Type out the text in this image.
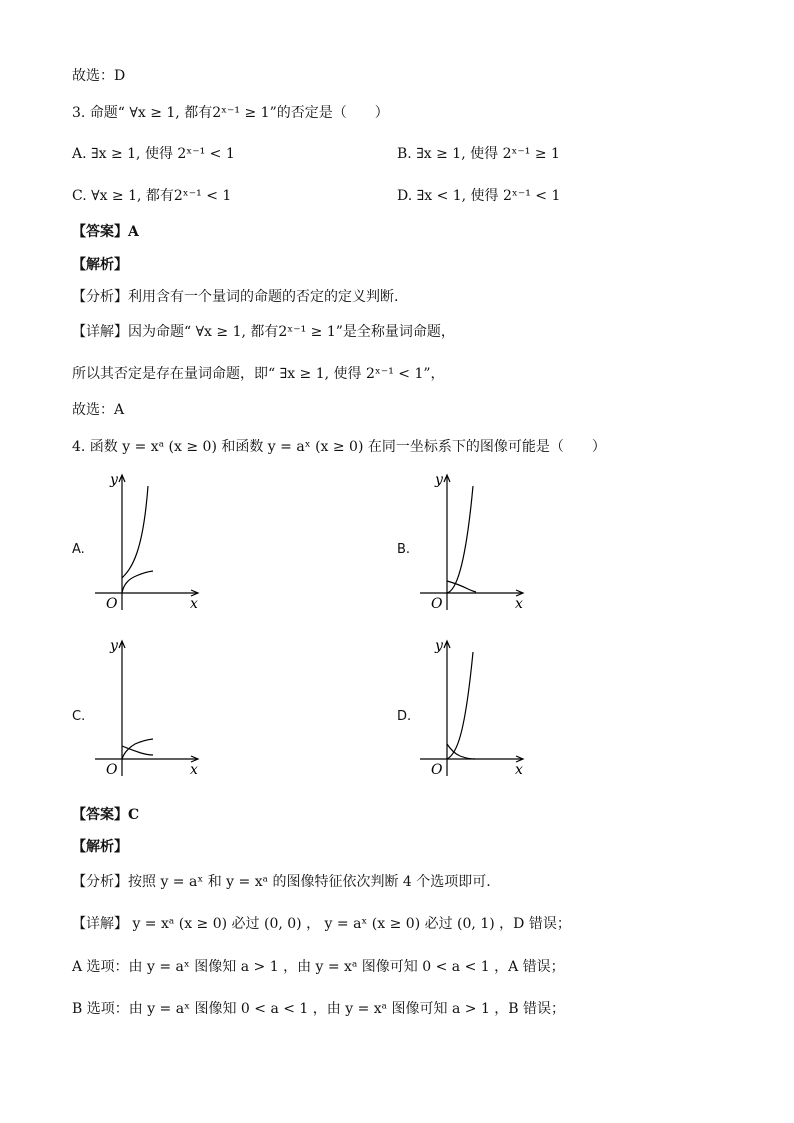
故选：D
3. 命题“ ∀x ≥ 1, 都有2ˣ⁻¹ ≥ 1”的否定是（　　）
A. ∃x ≥ 1, 使得 2ˣ⁻¹ < 1	B. ∃x ≥ 1, 使得 2ˣ⁻¹ ≥ 1
C. ∀x ≥ 1, 都有2ˣ⁻¹ < 1	D. ∃x < 1, 使得 2ˣ⁻¹ < 1
【答案】A
【解析】
【分析】利用含有一个量词的命题的否定的定义判断.
【详解】因为命题“ ∀x ≥ 1, 都有2ˣ⁻¹ ≥ 1”是全称量词命题，
所以其否定是存在量词命题，即“ ∃x ≥ 1, 使得 2ˣ⁻¹ < 1”，
故选：A
4. 函数 y = xᵃ (x ≥ 0) 和函数 y = aˣ (x ≥ 0) 在同一坐标系下的图像可能是（　　）
A.	B.
C.	D.
y
x
O
y
x
O
y
x
O
y
x
O
【答案】C
【解析】
【分析】按照 y = aˣ 和 y = xᵃ 的图像特征依次判断 4 个选项即可.
【详解】 y = xᵃ (x ≥ 0) 必过 (0, 0) ， y = aˣ (x ≥ 0) 必过 (0, 1) ，D 错误；
A 选项：由 y = aˣ 图像知 a > 1 ，由 y = xᵃ 图像可知 0 < a < 1 ，A 错误；
B 选项：由 y = aˣ 图像知 0 < a < 1 ，由 y = xᵃ 图像可知 a > 1 ，B 错误；
